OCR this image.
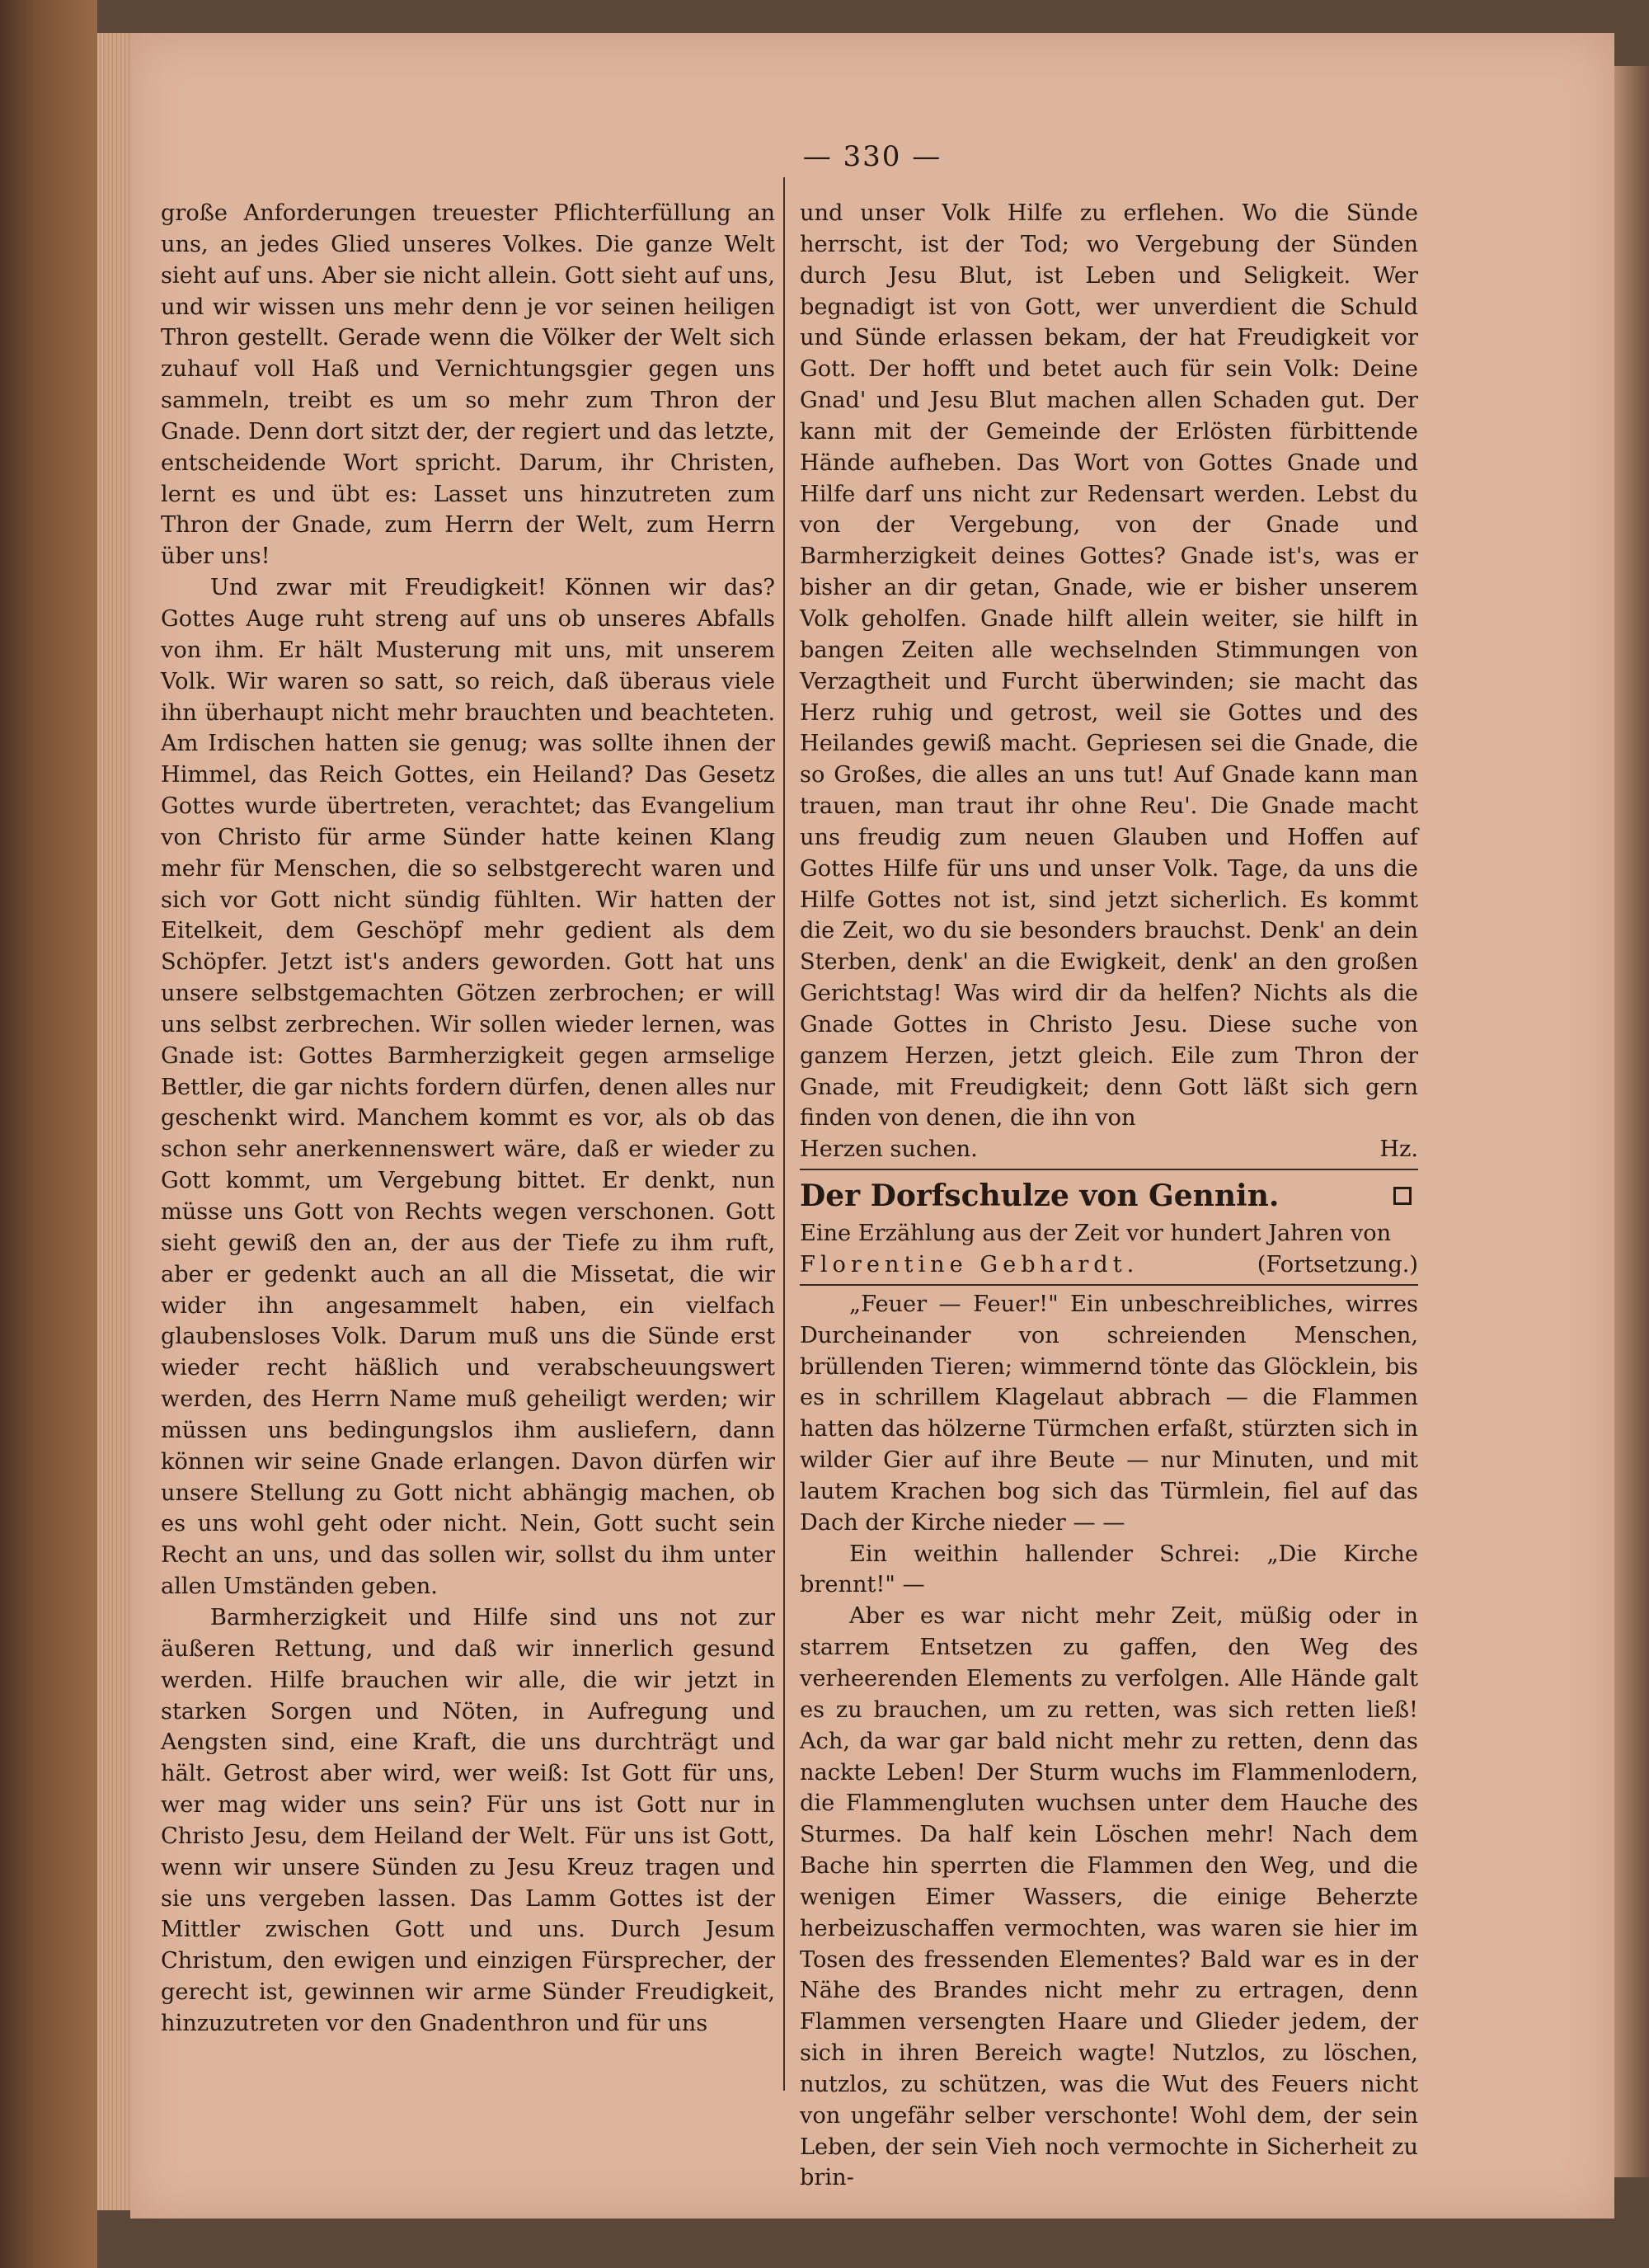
— 330 —

große Anforderungen treuester Pflichterfüllung an uns, an jedes Glied unseres Volkes. Die ganze Welt sieht auf uns. Aber sie nicht allein. Gott sieht auf uns, und wir wissen uns mehr denn je vor seinen heiligen Thron gestellt. Gerade wenn die Völker der Welt sich zuhauf voll Haß und Vernichtungsgier gegen uns sammeln, treibt es um so mehr zum Thron der Gnade. Denn dort sitzt der, der regiert und das letzte, entscheidende Wort spricht. Darum, ihr Christen, lernt es und übt es: Lasset uns hinzutreten zum Thron der Gnade, zum Herrn der Welt, zum Herrn über uns!

Und zwar mit Freudigkeit! Können wir das? Gottes Auge ruht streng auf uns ob unseres Abfalls von ihm. Er hält Musterung mit uns, mit unserem Volk. Wir waren so satt, so reich, daß überaus viele ihn überhaupt nicht mehr brauchten und beachteten. Am Irdischen hatten sie genug; was sollte ihnen der Himmel, das Reich Gottes, ein Heiland? Das Gesetz Gottes wurde übertreten, verachtet; das Evangelium von Christo für arme Sünder hatte keinen Klang mehr für Menschen, die so selbstgerecht waren und sich vor Gott nicht sündig fühlten. Wir hatten der Eitelkeit, dem Geschöpf mehr gedient als dem Schöpfer. Jetzt ist's anders geworden. Gott hat uns unsere selbstgemachten Götzen zerbrochen; er will uns selbst zerbrechen. Wir sollen wieder lernen, was Gnade ist: Gottes Barmherzigkeit gegen armselige Bettler, die gar nichts fordern dürfen, denen alles nur geschenkt wird. Manchem kommt es vor, als ob das schon sehr anerkennenswert wäre, daß er wieder zu Gott kommt, um Vergebung bittet. Er denkt, nun müsse uns Gott von Rechts wegen verschonen. Gott sieht gewiß den an, der aus der Tiefe zu ihm ruft, aber er gedenkt auch an all die Missetat, die wir wider ihn angesammelt haben, ein vielfach glaubensloses Volk. Darum muß uns die Sünde erst wieder recht häßlich und verabscheuungswert werden, des Herrn Name muß geheiligt werden; wir müssen uns bedingungslos ihm ausliefern, dann können wir seine Gnade erlangen. Davon dürfen wir unsere Stellung zu Gott nicht abhängig machen, ob es uns wohl geht oder nicht. Nein, Gott sucht sein Recht an uns, und das sollen wir, sollst du ihm unter allen Umständen geben.

Barmherzigkeit und Hilfe sind uns not zur äußeren Rettung, und daß wir innerlich gesund werden. Hilfe brauchen wir alle, die wir jetzt in starken Sorgen und Nöten, in Aufregung und Aengsten sind, eine Kraft, die uns durchträgt und hält. Getrost aber wird, wer weiß: Ist Gott für uns, wer mag wider uns sein? Für uns ist Gott nur in Christo Jesu, dem Heiland der Welt. Für uns ist Gott, wenn wir unsere Sünden zu Jesu Kreuz tragen und sie uns vergeben lassen. Das Lamm Gottes ist der Mittler zwischen Gott und uns. Durch Jesum Christum, den ewigen und einzigen Fürsprecher, der gerecht ist, gewinnen wir arme Sünder Freudigkeit, hinzuzutreten vor den Gnadenthron und für uns

und unser Volk Hilfe zu erflehen. Wo die Sünde herrscht, ist der Tod; wo Vergebung der Sünden durch Jesu Blut, ist Leben und Seligkeit. Wer begnadigt ist von Gott, wer unverdient die Schuld und Sünde erlassen bekam, der hat Freudigkeit vor Gott. Der hofft und betet auch für sein Volk: Deine Gnad' und Jesu Blut machen allen Schaden gut. Der kann mit der Gemeinde der Erlösten fürbittende Hände aufheben. Das Wort von Gottes Gnade und Hilfe darf uns nicht zur Redensart werden. Lebst du von der Vergebung, von der Gnade und Barmherzigkeit deines Gottes? Gnade ist's, was er bisher an dir getan, Gnade, wie er bisher unserem Volk geholfen. Gnade hilft allein weiter, sie hilft in bangen Zeiten alle wechselnden Stimmungen von Verzagtheit und Furcht überwinden; sie macht das Herz ruhig und getrost, weil sie Gottes und des Heilandes gewiß macht. Gepriesen sei die Gnade, die so Großes, die alles an uns tut! Auf Gnade kann man trauen, man traut ihr ohne Reu'. Die Gnade macht uns freudig zum neuen Glauben und Hoffen auf Gottes Hilfe für uns und unser Volk. Tage, da uns die Hilfe Gottes not ist, sind jetzt sicherlich. Es kommt die Zeit, wo du sie besonders brauchst. Denk' an dein Sterben, denk' an die Ewigkeit, denk' an den großen Gerichtstag! Was wird dir da helfen? Nichts als die Gnade Gottes in Christo Jesu. Diese suche von ganzem Herzen, jetzt gleich. Eile zum Thron der Gnade, mit Freudigkeit; denn Gott läßt sich gern finden von denen, die ihn von

Herzen suchen.	Hz.

Der Dorfschulze von Gennin.

Eine Erzählung aus der Zeit vor hundert Jahren von

Florentine Gebhardt.	(Fortsetzung.)

„Feuer — Feuer!" Ein unbeschreibliches, wirres Durcheinander von schreienden Menschen, brüllenden Tieren; wimmernd tönte das Glöcklein, bis es in schrillem Klagelaut abbrach — die Flammen hatten das hölzerne Türmchen erfaßt, stürzten sich in wilder Gier auf ihre Beute — nur Minuten, und mit lautem Krachen bog sich das Türmlein, fiel auf das Dach der Kirche nieder — —

Ein weithin hallender Schrei: „Die Kirche brennt!" —

Aber es war nicht mehr Zeit, müßig oder in starrem Entsetzen zu gaffen, den Weg des verheerenden Elements zu verfolgen. Alle Hände galt es zu brauchen, um zu retten, was sich retten ließ! Ach, da war gar bald nicht mehr zu retten, denn das nackte Leben! Der Sturm wuchs im Flammenlodern, die Flammengluten wuchsen unter dem Hauche des Sturmes. Da half kein Löschen mehr! Nach dem Bache hin sperrten die Flammen den Weg, und die wenigen Eimer Wassers, die einige Beherzte herbeizuschaffen vermochten, was waren sie hier im Tosen des fressenden Elementes? Bald war es in der Nähe des Brandes nicht mehr zu ertragen, denn Flammen versengten Haare und Glieder jedem, der sich in ihren Bereich wagte! Nutzlos, zu löschen, nutzlos, zu schützen, was die Wut des Feuers nicht von ungefähr selber verschonte! Wohl dem, der sein Leben, der sein Vieh noch vermochte in Sicherheit zu brin-
